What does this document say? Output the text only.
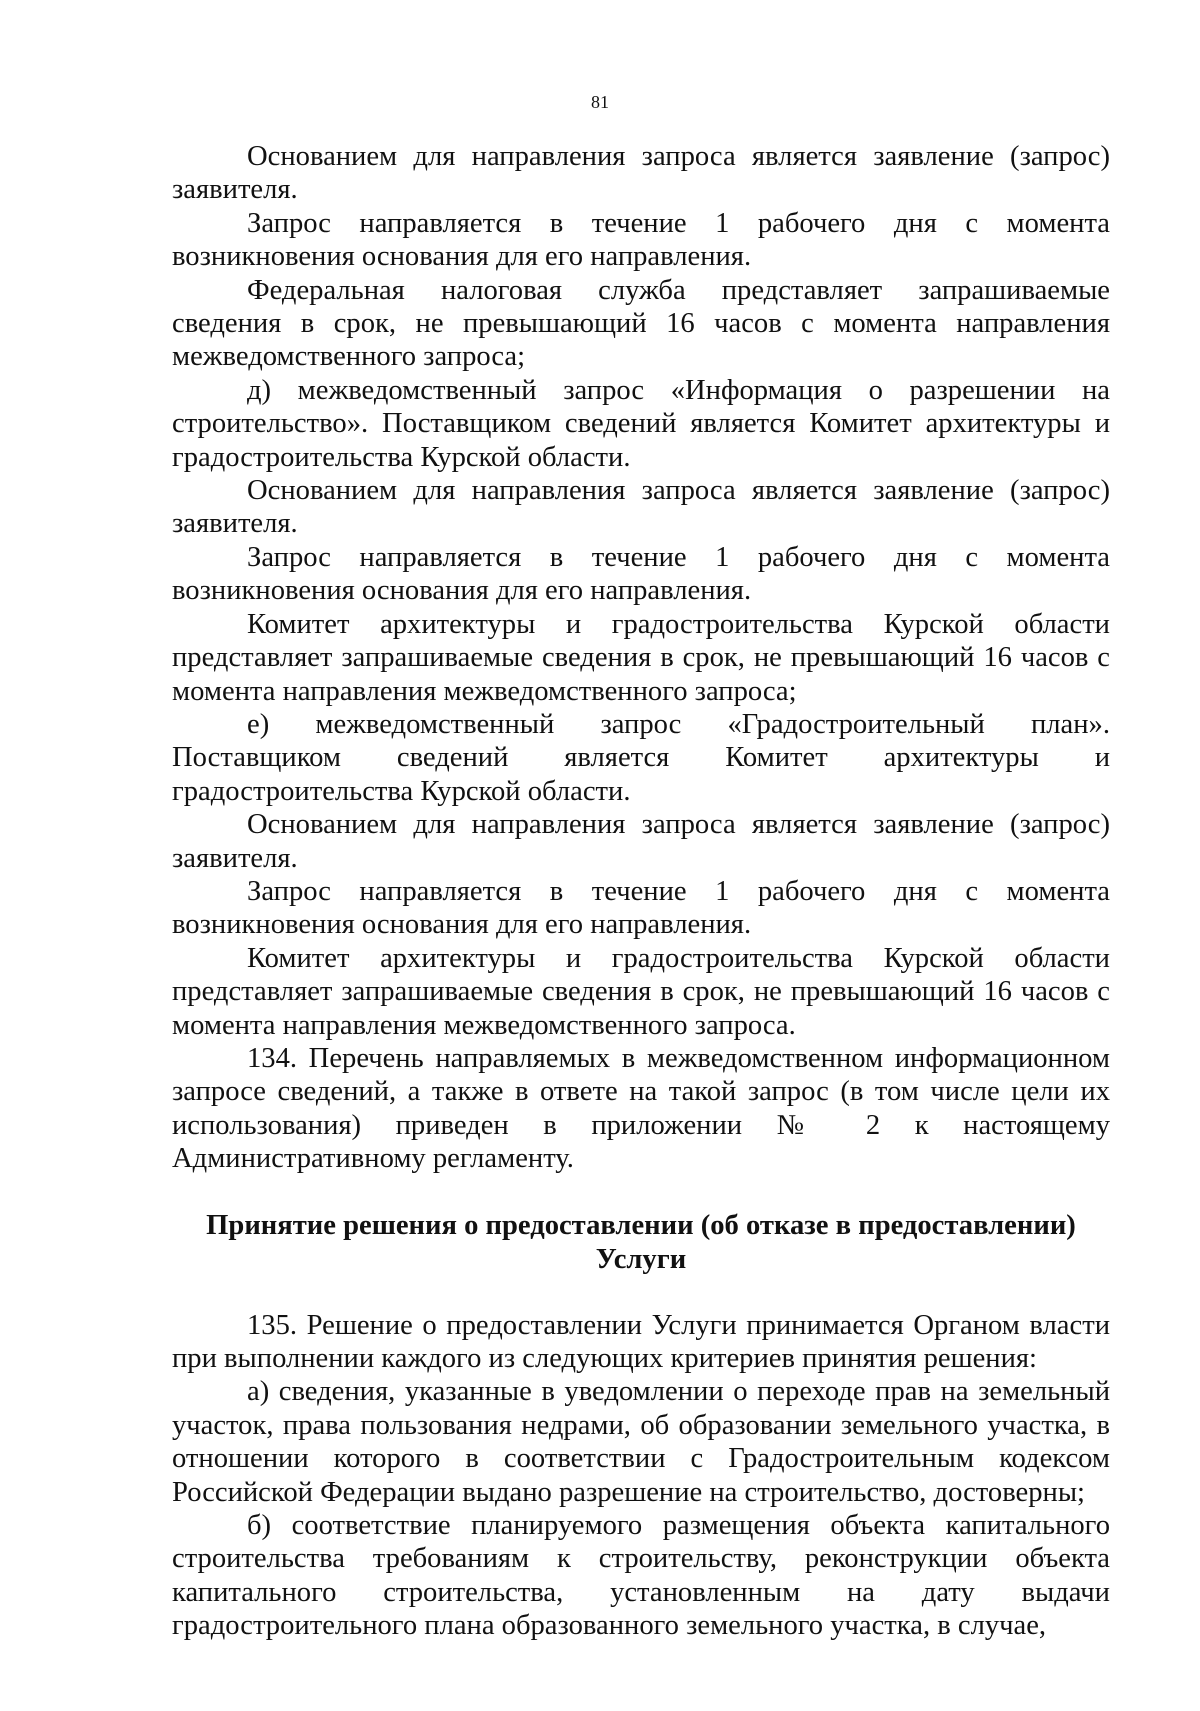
81

Основанием для направления запроса является заявление (запрос) заявителя.

Запрос направляется в течение 1 рабочего дня с момента возникновения основания для его направления.

Федеральная налоговая служба представляет запрашиваемые сведения в срок, не превышающий 16 часов с момента направления межведомственного запроса;

д) межведомственный запрос «Информация о разрешении на строительство». Поставщиком сведений является Комитет архитектуры и градостроительства Курской области.

Основанием для направления запроса является заявление (запрос) заявителя.

Запрос направляется в течение 1 рабочего дня с момента возникновения основания для его направления.

Комитет архитектуры и градостроительства Курской области представляет запрашиваемые сведения в срок, не превышающий 16 часов с момента направления межведомственного запроса;

е) межведомственный запрос «Градостроительный план». Поставщиком сведений является Комитет архитектуры и градостроительства Курской области.

Основанием для направления запроса является заявление (запрос) заявителя.

Запрос направляется в течение 1 рабочего дня с момента возникновения основания для его направления.

Комитет архитектуры и градостроительства Курской области представляет запрашиваемые сведения в срок, не превышающий 16 часов с момента направления межведомственного запроса.

134. Перечень направляемых в межведомственном информационном запросе сведений, а также в ответе на такой запрос (в том числе цели их использования) приведен в приложении № 2 к настоящему Административному регламенту.

Принятие решения о предоставлении (об отказе в предоставлении)
Услуги

135. Решение о предоставлении Услуги принимается Органом власти при выполнении каждого из следующих критериев принятия решения:

а) сведения, указанные в уведомлении о переходе прав на земельный участок, права пользования недрами, об образовании земельного участка, в отношении которого в соответствии с Градостроительным кодексом Российской Федерации выдано разрешение на строительство, достоверны;

б) соответствие планируемого размещения объекта капитального строительства требованиям к строительству, реконструкции объекта капитального строительства, установленным на дату выдачи градостроительного плана образованного земельного участка, в случае,
